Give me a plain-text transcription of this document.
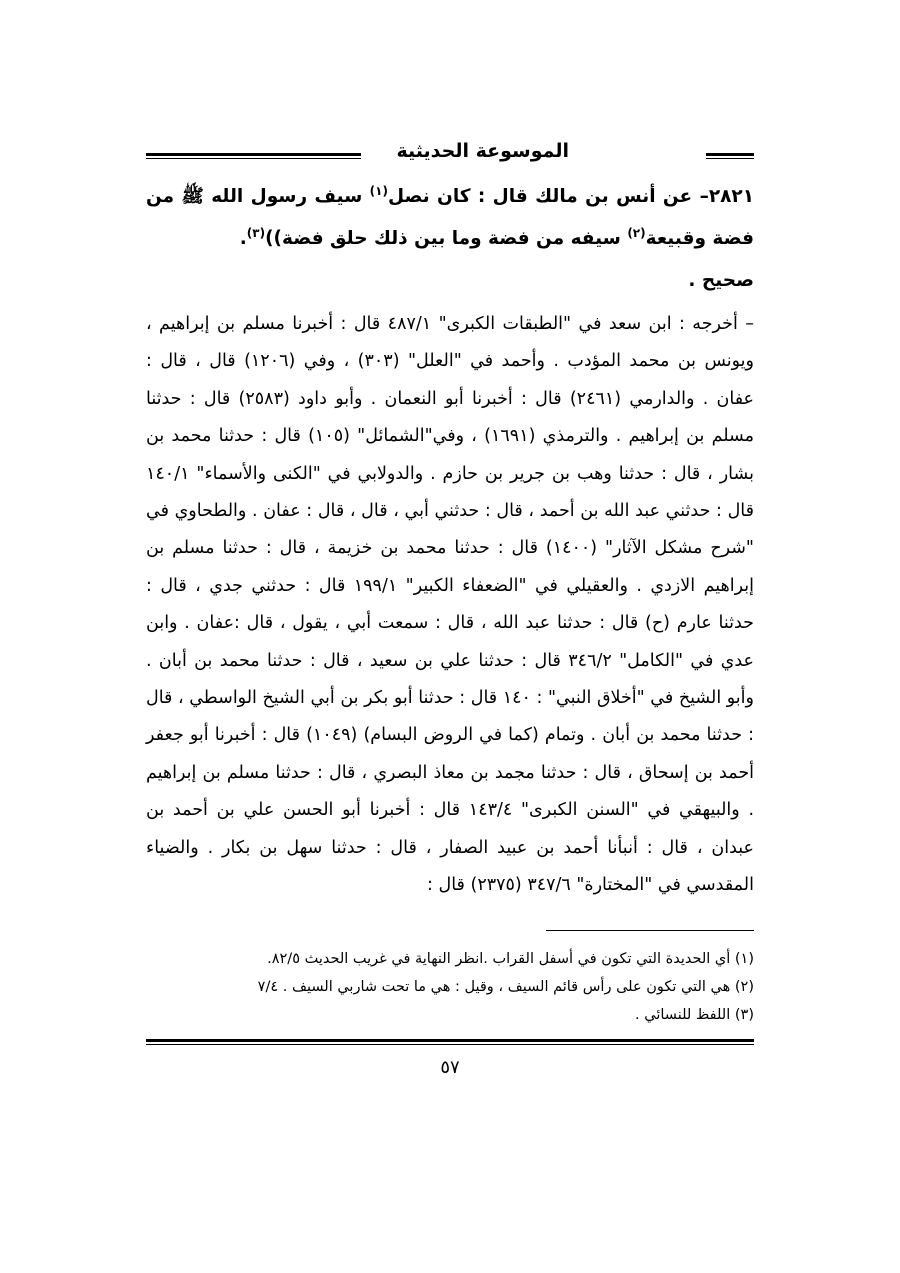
الموسوعة الحديثية
٢٨٢١– عن أنس بن مالك قال : كان نصل$^{(١)}$ سيف رسول الله ﷺ من فضة وقبيعة$^{(٢)}$ سيفه من فضة وما بين ذلك حلق فضة))$^{(٣)}$.
صحيح .
– أخرجه : ابن سعد في "الطبقات الكبرى" ٤٨٧/١ قال : أخبرنا مسلم بن إبراهيم ، ويونس بن محمد المؤدب . وأحمد في "العلل" (٣٠٣) ، وفي (١٢٠٦) قال ، قال : عفان . والدارمي (٢٤٦١) قال : أخبرنا أبو النعمان . وأبو داود (٢٥٨٣) قال : حدثنا مسلم بن إبراهيم . والترمذي (١٦٩١) ، وفي"الشمائل" (١٠٥) قال : حدثنا محمد بن بشار ، قال : حدثنا وهب بن جرير بن حازم . والدولابي في "الكنى والأسماء" ١٤٠/١ قال : حدثني عبد الله بن أحمد ، قال : حدثني أبي ، قال ، قال : عفان . والطحاوي في "شرح مشكل الآثار" (١٤٠٠) قال : حدثنا محمد بن خزيمة ، قال : حدثنا مسلم بن إبراهيم الازدي . والعقيلي في "الضعفاء الكبير" ١٩٩/١ قال : حدثني جدي ، قال : حدثنا عارم (ح) قال : حدثنا عبد الله ، قال : سمعت أبي ، يقول ، قال :عفان . وابن عدي في "الكامل" ٣٤٦/٢ قال : حدثنا علي بن سعيد ، قال : حدثنا محمد بن أبان . وأبو الشيخ في "أخلاق النبي" : ١٤٠ قال : حدثنا أبو بكر بن أبي الشيخ الواسطي ، قال : حدثنا محمد بن أبان . وتمام (كما في الروض البسام) (١٠٤٩) قال : أخبرنا أبو جعفر أحمد بن إسحاق ، قال : حدثنا مجمد بن معاذ البصري ، قال : حدثنا مسلم بن إبراهيم . والبيهقي في "السنن الكبرى" ١٤٣/٤ قال : أخبرنا أبو الحسن علي بن أحمد بن عبدان ، قال : أنبأنا أحمد بن عبيد الصفار ، قال : حدثنا سهل بن بكار . والضياء المقدسي في "المختارة" ٣٤٧/٦ (٢٣٧٥) قال :
(١) أي الحديدة التي تكون في أسفل القراب .انظر النهاية في غريب الحديث ٨٢/٥.
(٢) هي التي تكون على رأس قائم السيف ، وقيل : هي ما تحت شاربي السيف . ٧/٤
(٣) اللفظ للنسائي .
٥٧
